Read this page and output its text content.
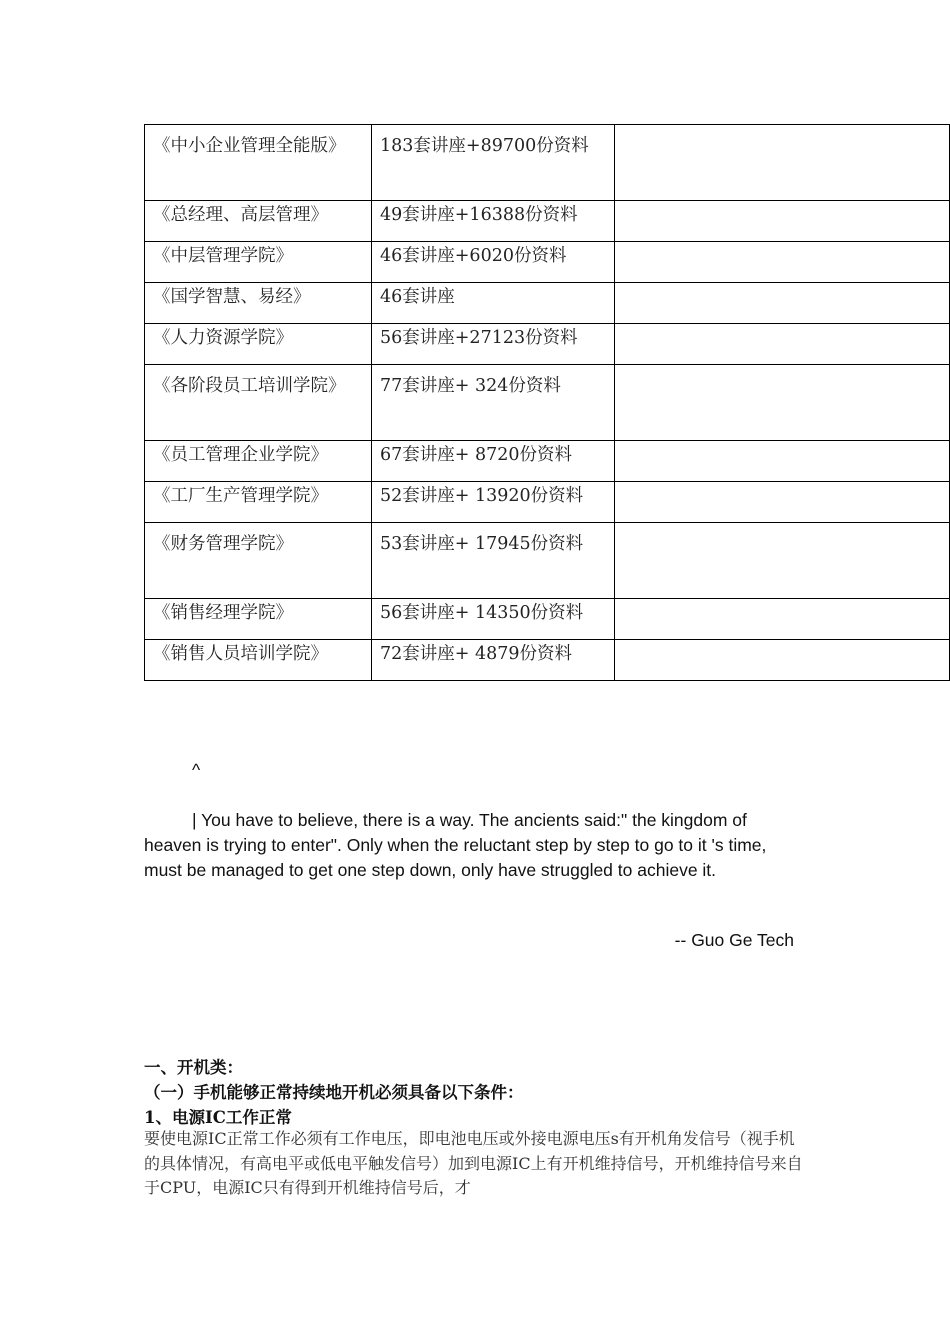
《中小企业管理全能版》	183套讲座+89700份资料	
《总经理、高层管理》	49套讲座+16388份资料	
《中层管理学院》	46套讲座+6020份资料	
《国学智慧、易经》	46套讲座	
《人力资源学院》	56套讲座+27123份资料	
《各阶段员工培训学院》	77套讲座+ 324份资料	
《员工管理企业学院》	67套讲座+ 8720份资料	
《工厂生产管理学院》	52套讲座+ 13920份资料	
《财务管理学院》	53套讲座+ 17945份资料	
《销售经理学院》	56套讲座+ 14350份资料	
《销售人员培训学院》	72套讲座+ 4879份资料	
^
| You have to believe, there is a way. The ancients said:" the kingdom of heaven is trying to enter". Only when the reluctant step by step to go to it 's time, must be managed to get one step down, only have struggled to achieve it.
-- Guo Ge Tech
一、开机类：
（一）手机能够正常持续地开机必须具备以下条件：
1、电源IC工作正常
要使电源IC正常工作必须有工作电压，即电池电压或外接电源电压s有开机角发信号（视手机的具体情况，有高电平或低电平触发信号）加到电源IC上有开机维持信号，开机维持信号来自于CPU，电源IC只有得到开机维持信号后，才
